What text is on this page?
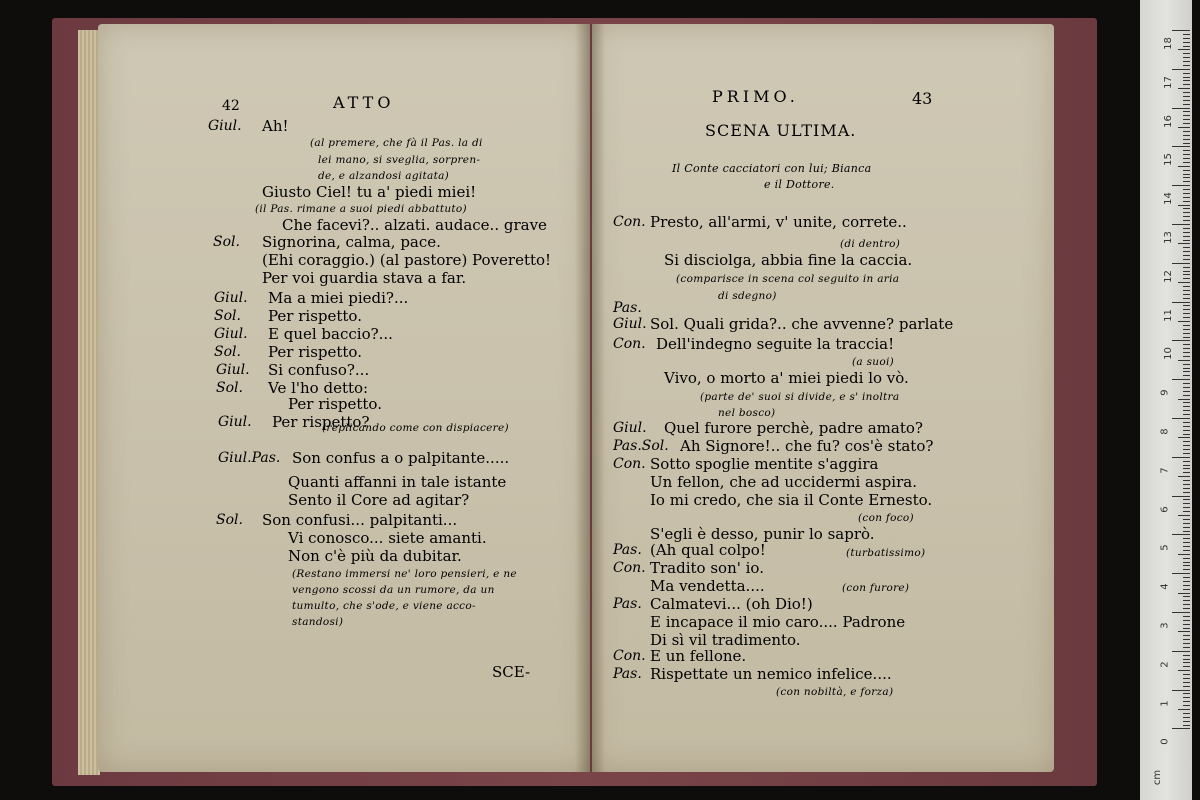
42	ATTO	PRIMO.	43
SCENA ULTIMA.
Il Conte cacciatori con lui; Bianca
e il Dottore.
SCE-
Giul. Ah!
(al premere, che fà il Pas. la di
lei mano, si sveglia, sorpren-
de, e alzandosi agitata)
Giusto Ciel! tu a' piedi miei!
(il Pas. rimane a suoi piedi abbattuto)
Che facevi?.. alzati. audace.. grave
Sol. Signorina, calma, pace.
(Ehi coraggio.) (al pastore) Poveretto!
Per voi guardia stava a far.
Giul. Ma a miei piedi?...
Sol. Per rispetto.
Giul. E quel baccio?...
Sol. Per rispetto.
Giul. Si confuso?...
Sol. Ve l'ho detto:
Per rispetto.
Giul. Per rispetto?
(replicando come con dispiacere)
Giul.Pas. Son confus a o palpitante.....
Quanti affanni in tale istante
Sento il Core ad agitar?
Sol. Son confusi... palpitanti...
Vi conosco... siete amanti.
Non c'è più da dubitar.
(Restano immersi ne' loro pensieri, e ne
vengono scossi da un rumore, da un
tumulto, che s'ode, e viene acco-
standosi)
Con. Presto, all'armi, v' unite, correte..
(di dentro)
Si disciolga, abbia fine la caccia.
(comparisce in scena col seguito in aria
di sdegno)
Pas.
Giul. Sol. Quali grida?.. che avvenne? parlate
Con. Dell'indegno seguite la traccia!
(a suoi)
Vivo, o morto a' miei piedi lo vò.
(parte de' suoi si divide, e s' inoltra
nel bosco)
Giul. Quel furore perchè, padre amato?
Pas.Sol. Ah Signore!.. che fu? cos'è stato?
Con. Sotto spoglie mentite s'aggira
Un fellon, che ad uccidermi aspira.
Io mi credo, che sia il Conte Ernesto.
(con foco)
S'egli è desso, punir lo saprò.
Pas. (Ah qual colpo!	(turbatissimo)
Con. Tradito son' io.
Ma vendetta....	(con furore)
Pas. Calmatevi... (oh Dio!)
E incapace il mio caro.... Padrone
Di sì vil tradimento.
Con. E un fellone.
Pas. Rispettate un nemico infelice....
(con nobiltà, e forza)
18
17
16
15
14
13
12
11
10
9
8
7
6
5
4
3
2
1
0
cm
